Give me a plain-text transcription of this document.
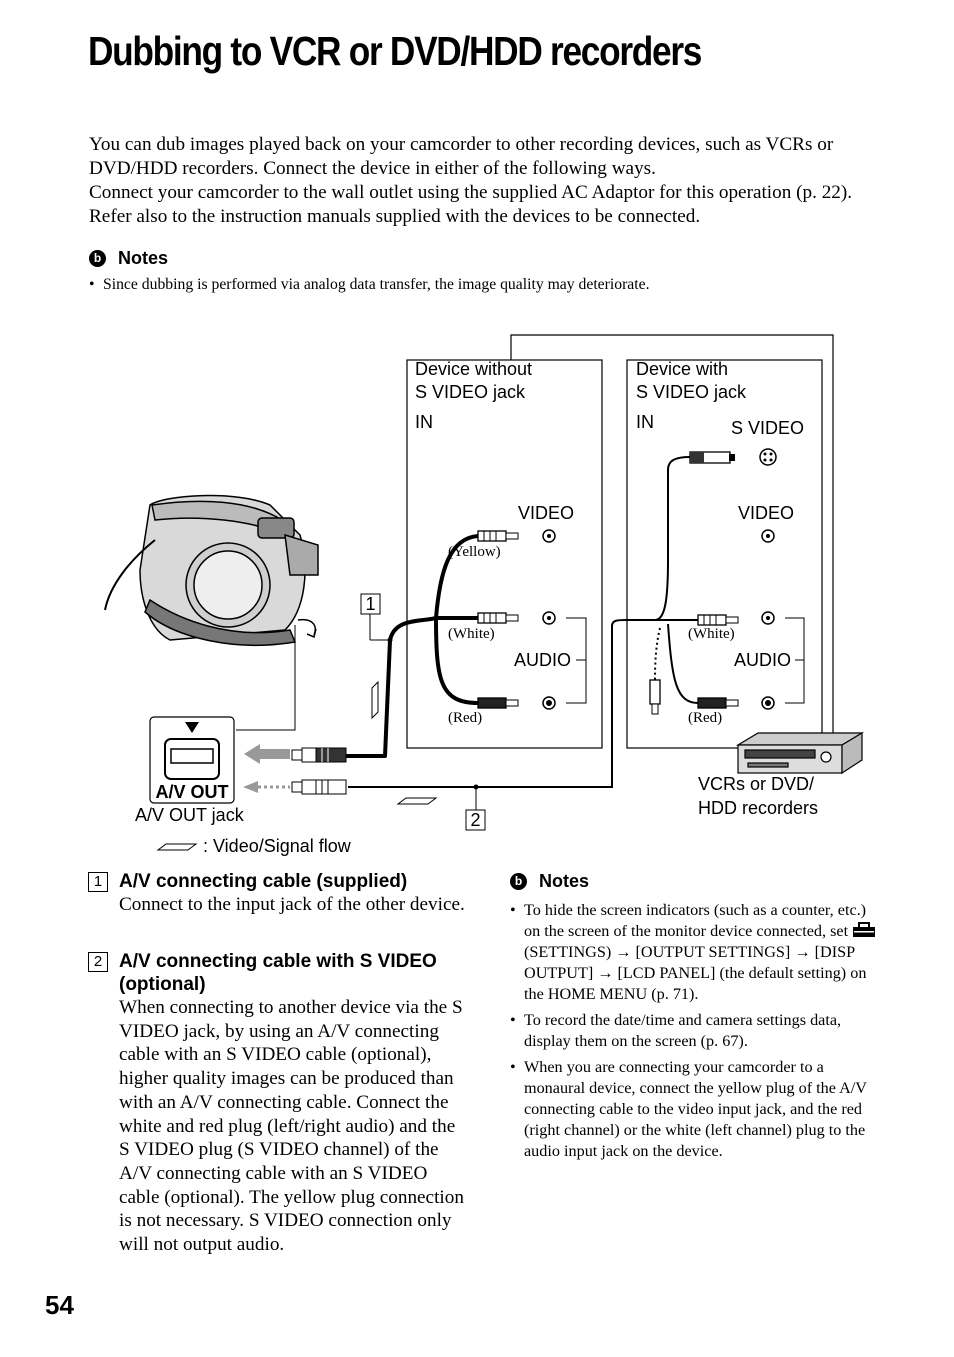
Dubbing to VCR or DVD/HDD recorders

You can dub images played back on your camcorder to other recording devices, such as VCRs or DVD/HDD recorders. Connect the device in either of the following ways.

Connect your camcorder to the wall outlet using the supplied AC Adaptor for this operation (p. 22). Refer also to the instruction manuals supplied with the devices to be connected.

b Notes
• Since dubbing is performed via analog data transfer, the image quality may deteriorate.
Device without
S VIDEO jack
IN
Device with
S VIDEO jack
IN	S VIDEO
VIDEO	VIDEO
AUDIO	AUDIO
(Yellow)
(White)
(Red)
(White)
(Red)
1
2
A/V OUT
A/V OUT jack
VCRs or DVD/
HDD recorders
: Video/Signal flow
1 A/V connecting cable (supplied)
Connect to the input jack of the other device.
2 A/V connecting cable with S VIDEO (optional)
When connecting to another device via the S VIDEO jack, by using an A/V connecting cable with an S VIDEO cable (optional), higher quality images can be produced than with an A/V connecting cable. Connect the white and red plug (left/right audio) and the S VIDEO plug (S VIDEO channel) of the A/V connecting cable with an S VIDEO cable (optional). The yellow plug connection is not necessary. S VIDEO connection only will not output audio.
b Notes
• To hide the screen indicators (such as a counter, etc.) on the screen of the monitor device connected, set (SETTINGS) → [OUTPUT SETTINGS] → [DISP OUTPUT] → [LCD PANEL] (the default setting) on the HOME MENU (p. 71).
• To record the date/time and camera settings data, display them on the screen (p. 67).
• When you are connecting your camcorder to a monaural device, connect the yellow plug of the A/V connecting cable to the video input jack, and the red (right channel) or the white (left channel) plug to the audio input jack on the device.
54
